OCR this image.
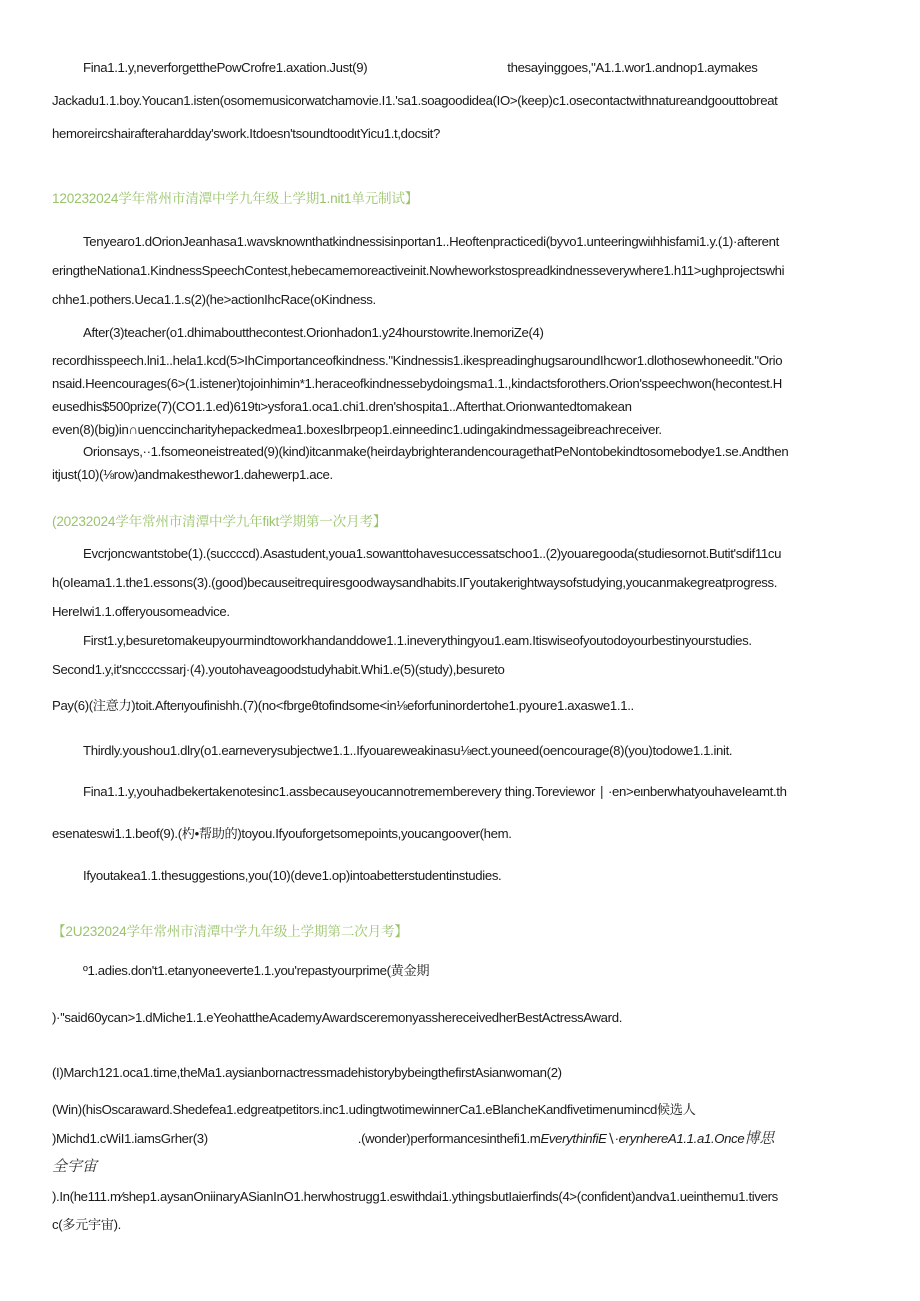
Fina1.1.y,neverforgetthePowCrofre1.axation.Just(9)	thesayinggoes,"A1.1.wor1.andnop1.aymakes
Jackadu1.1.boy.Youcan1.isten(osomemusicorwatchamovie.I1.'sa1.soagoodidea(IO>(keep)c1.osecontactwithnatureandgoouttobreat
hemoreircshairafterahardday'swork.Itdoesn'tsoundtoodιtYicu1.t,docsit?
120232024学年常州市清潭中学九年级上学期1.nit1单元制试】
Tenyearo1.dOrionJeanhasa1.wavsknownthatkindnessisinportan1..Heoftenpracticedi(byvo1.unteeringwiιhhisfami1.y.(1)·afterent
eringtheNationa1.KindnessSpeechContest,hebecamemoreactiveinit.Nowheworkstospreadkindnesseverywhere1.h11>ughprojectswhi
chhe1.pothers.Ueca1.1.s(2)(he>actionIhcRace(oKindness.
After(3)teacher(o1.dhimaboutthecontest.Orionhadon1.y24hourstowrite.lnemoriZe(4)
recordhisspeech.lni1..hela1.kcd(5>IhCimportanceofkindness."Kindnessis1.ikespreadinghugsaroundIhcwor1.dlothosewhoneedit."Orio
nsaid.Heencourages(6>(1.istener)tojoinhimin*1.heraceofkindnessebydoingsma1.1.,kindactsforothers.Orion'sspeechwon(hecontest.H
eusedhis$500prize(7)(CO1.1.ed)619tι>ysfora1.oca1.chi1.dren'shospita1..Afterthat.Orionwantedtomakean
even(8)(big)in∩uenccincharityhepackedmea1.boxesIbrpeop1.einneedinc1.udingakindmessageibreachreceiver.
Orionsays,··1.fsomeoneistreated(9)(kind)itcanmake(heirdaybrighterandencouragethatPeNontobekindtosomebodye1.se.Andthen
itjust(10)(⅛row)andmakesthewor1.dahewerp1.ace.
(20232024学年常州市清潭中学九年fikt学期第一次月考】
Evcrjoncwantstobe(1).(succccd).Asastudent,youa1.sowanttohavesuccessatschoo1..(2)youaregooda(studiesornot.Butit'sdif11cu
h(oIeama1.1.the1.essons(3).(good)becauseitrequiresgoodwaysandhabits.IΓyoutakerightwaysofstudying,youcanmakegreatprogress.
HereIwi1.1.offeryousomeadvice.
First1.y,besuretomakeupyourmindtoworkhandanddowe1.1.ineverythingyou1.eam.Itiswiseofyoutodoyourbestinyourstudies.
Second1.y,it'snccccssarj·(4).youtohaveagoodstudyhabit.Whi1.e(5)(study),besureto
Pay(6)(注意力)toit.Afterιyoufinishh.(7)(no<fbrgeθtofindsome<in⅛eforfuninordertohe1.pyoure1.axaswe1.1..
Thirdly.youshou1.dlry(o1.earneverysubjectwe1.1..Ifyouareweakinasu⅛ect.youneed(oencourage(8)(you)todowe1.1.init.
Fina1.1.y,youhadbekertakenotesinc1.assbecauseyoucannotrememberevery thing.Toreviewor ∣ ·en>eιnberwhatyouhaveIeamt.th
esenateswi1.1.beof(9).(杓•帮助的)toyou.Ifyouforgetsomepoints,youcangoover(hem.
Ifyoutakea1.1.thesuggestions,you(10)(deve1.op)intoabetterstudentinstudies.
【2U232024学年常州市清潭中学九年级上学期第二次月考】
º1.adies.don't1.etanyoneeverte1.1.you'repastyourprime(黄金期
)·''said60ycan>1.dMiche1.1.eYeohattheAcademyAwardsceremonyasshereceivedherBestActressAward.
(I)March121.oca1.time,theMa1.aysianbornactressmadehistorybybeingthefirstAsianwoman(2)
(Win)(hisOscaraward.Shedefea1.edgreatpetitors.inc1.udingtwotimewinnerCa1.eBlancheKandfivetimenumincd候选人
)Michd1.cWiI1.iamsGrher(3)	.(wonder)performancesinthefi1.mEverythinfiE∖·erynhereA1.1.a1.Once博思
全宇宙
).In(he111.m⁄shep1.aysanOniinaryASianInO1.herwhostrugg1.eswithdai1.ythingsbutIaierfinds(4>(confident)andva1.ueinthemu1.tivers
c(多元宇宙).
